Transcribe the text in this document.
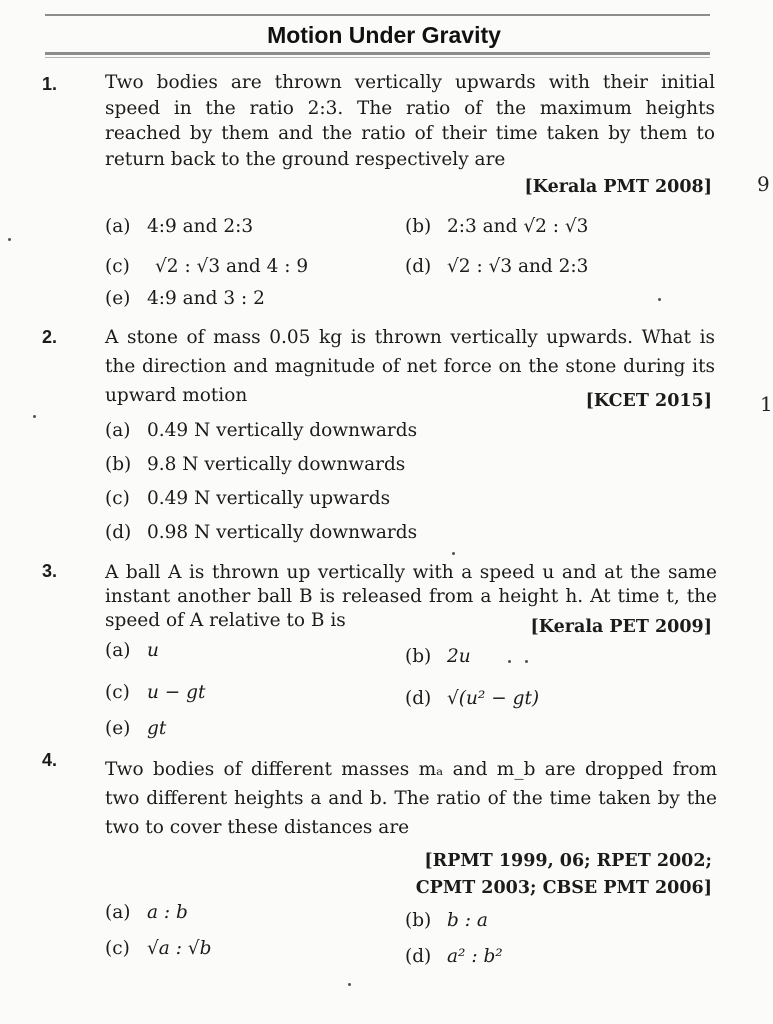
Motion Under Gravity
9
1
1.	Two bodies are thrown vertically upwards with their initial speed in the ratio 2:3. The ratio of the maximum heights reached by them and the ratio of their time taken by them to return back to the ground respectively are
[Kerala PMT 2008]
(a) 4:9 and 2:3	(b) 2:3 and √2 : √3
(c) √2 : √3 and 4 : 9	(d) √2 : √3 and 2:3
(e) 4:9 and 3 : 2
2.	A stone of mass 0.05 kg is thrown vertically upwards. What is the direction and magnitude of net force on the stone during its upward motion	[KCET 2015]
(a) 0.49 N vertically downwards
(b) 9.8 N vertically downwards
(c) 0.49 N vertically upwards
(d) 0.98 N vertically downwards
3.	A ball A is thrown up vertically with a speed u and at the same instant another ball B is released from a height h. At time t, the speed of A relative to B is	[Kerala PET 2009]
(a) u	(b) 2u
(c) u − gt	(d) √(u² − gt)
(e) gt
4.	Two bodies of different masses mₐ and m_b are dropped from two different heights a and b. The ratio of the time taken by the two to cover these distances are
[RPMT 1999, 06; RPET 2002;
CPMT 2003; CBSE PMT 2006]
(a) a : b	(b) b : a
(c) √a : √b	(d) a² : b²
